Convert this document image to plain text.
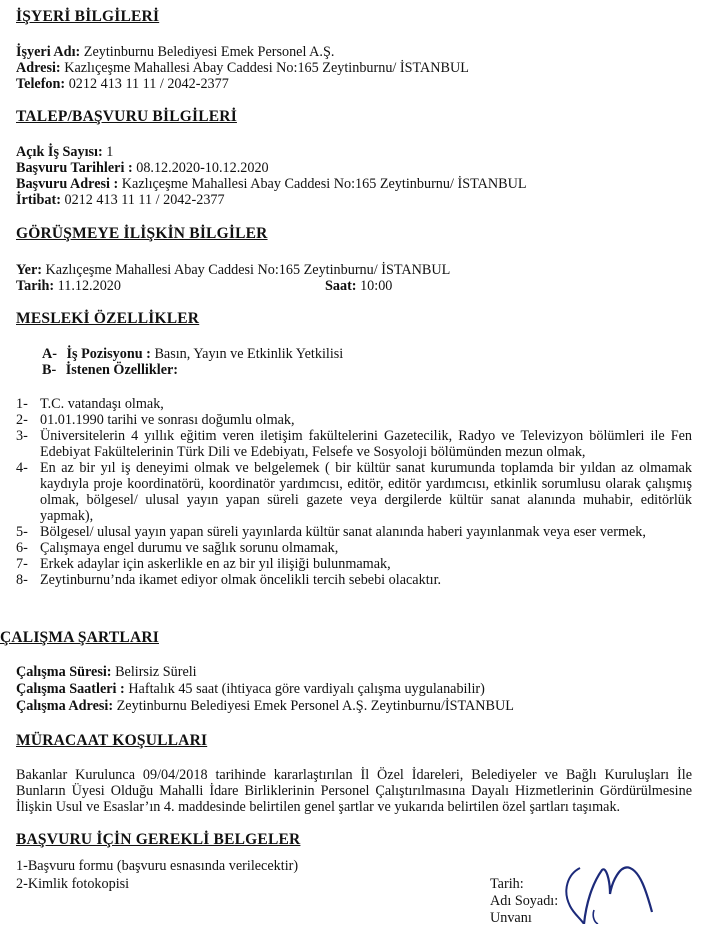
İŞYERİ BİLGİLERİ
İşyeri Adı: Zeytinburnu Belediyesi Emek Personel A.Ş.
Adresi: Kazlıçeşme Mahallesi Abay Caddesi No:165 Zeytinburnu/ İSTANBUL
Telefon: 0212 413 11 11 / 2042-2377
TALEP/BAŞVURU BİLGİLERİ
Açık İş Sayısı: 1
Başvuru Tarihleri : 08.12.2020-10.12.2020
Başvuru Adresi : Kazlıçeşme Mahallesi Abay Caddesi No:165 Zeytinburnu/ İSTANBUL
İrtibat: 0212 413 11 11 / 2042-2377
GÖRÜŞMEYE İLİŞKİN BİLGİLER
Yer: Kazlıçeşme Mahallesi Abay Caddesi No:165 Zeytinburnu/ İSTANBUL
Tarih: 11.12.2020	Saat: 10:00
MESLEKİ ÖZELLİKLER
A- İş Pozisyonu : Basın, Yayın ve Etkinlik Yetkilisi
B- İstenen Özellikler:
1- T.C. vatandaşı olmak,
2- 01.01.1990 tarihi ve sonrası doğumlu olmak,
3- Üniversitelerin 4 yıllık eğitim veren iletişim fakültelerini Gazetecilik, Radyo ve Televizyon bölümleri ile Fen Edebiyat Fakültelerinin Türk Dili ve Edebiyatı, Felsefe ve Sosyoloji bölümünden mezun olmak,
4- En az bir yıl iş deneyimi olmak ve belgelemek ( bir kültür sanat kurumunda toplamda bir yıldan az olmamak kaydıyla proje koordinatörü, koordinatör yardımcısı, editör, editör yardımcısı, etkinlik sorumlusu olarak çalışmış olmak, bölgesel/ ulusal yayın yapan süreli gazete veya dergilerde kültür sanat alanında muhabir, editörlük yapmak),
5- Bölgesel/ ulusal yayın yapan süreli yayınlarda kültür sanat alanında haberi yayınlanmak veya eser vermek,
6- Çalışmaya engel durumu ve sağlık sorunu olmamak,
7- Erkek adaylar için askerlikle en az bir yıl ilişiği bulunmamak,
8- Zeytinburnu’nda ikamet ediyor olmak öncelikli tercih sebebi olacaktır.
ÇALIŞMA ŞARTLARI
Çalışma Süresi: Belirsiz Süreli
Çalışma Saatleri : Haftalık 45 saat (ihtiyaca göre vardiyalı çalışma uygulanabilir)
Çalışma Adresi: Zeytinburnu Belediyesi Emek Personel A.Ş. Zeytinburnu/İSTANBUL
MÜRACAAT KOŞULLARI
Bakanlar Kurulunca 09/04/2018 tarihinde kararlaştırılan İl Özel İdareleri, Belediyeler ve Bağlı Kuruluşları İle Bunların Üyesi Olduğu Mahalli İdare Birliklerinin Personel Çalıştırılmasına Dayalı Hizmetlerinin Gördürülmesine İlişkin Usul ve Esaslar’ın 4. maddesinde belirtilen genel şartlar ve yukarıda belirtilen özel şartları taşımak.
BAŞVURU İÇİN GEREKLİ BELGELER
1-Başvuru formu (başvuru esnasında verilecektir)
2-Kimlik fotokopisi	Tarih:
Adı Soyadı:
Unvanı
